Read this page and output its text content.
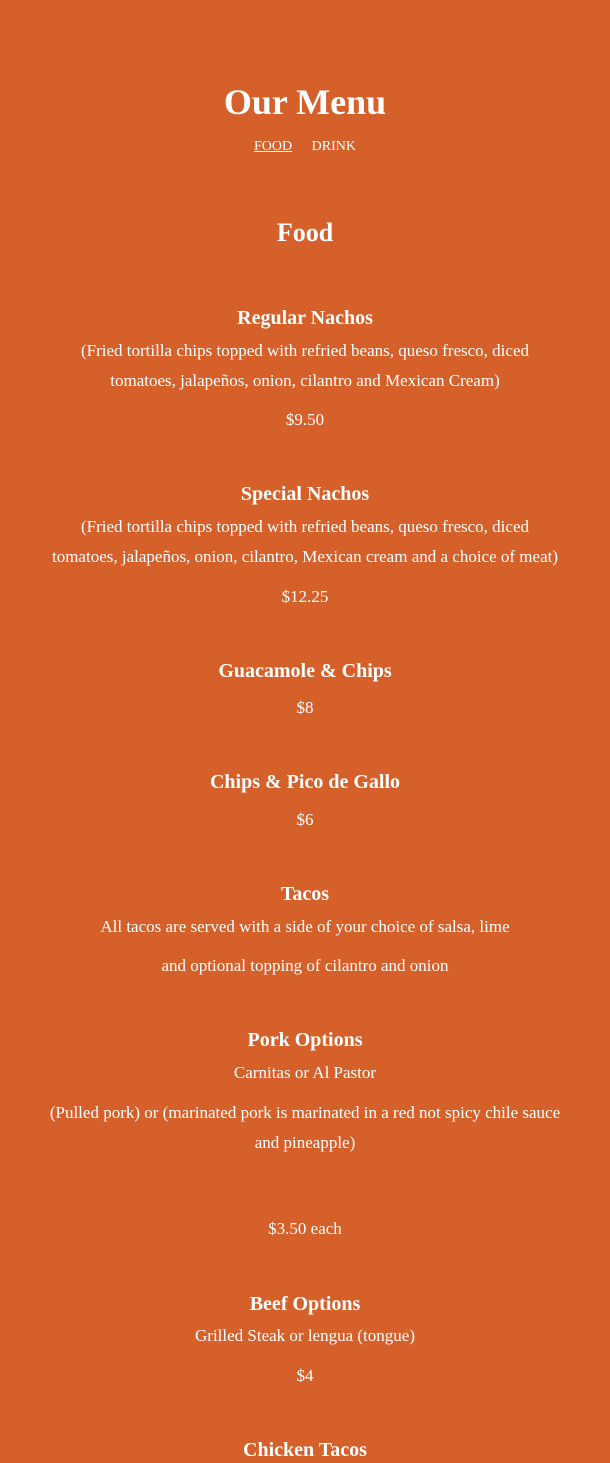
Our Menu
FOOD DRINK
Food
Regular Nachos
(Fried tortilla chips topped with refried beans, queso fresco, diced
tomatoes, jalapeños, onion, cilantro and Mexican Cream)
$9.50
Special Nachos
(Fried tortilla chips topped with refried beans, queso fresco, diced
tomatoes, jalapeños, onion, cilantro, Mexican cream and a choice of meat)
$12.25
Guacamole & Chips
$8
Chips & Pico de Gallo
$6
Tacos
All tacos are served with a side of your choice of salsa, lime
and optional topping of cilantro and onion
Pork Options
Carnitas or Al Pastor
(Pulled pork) or (marinated pork is marinated in a red not spicy chile sauce
and pineapple)
$3.50 each
Beef Options
Grilled Steak or lengua (tongue)
$4
Chicken Tacos
